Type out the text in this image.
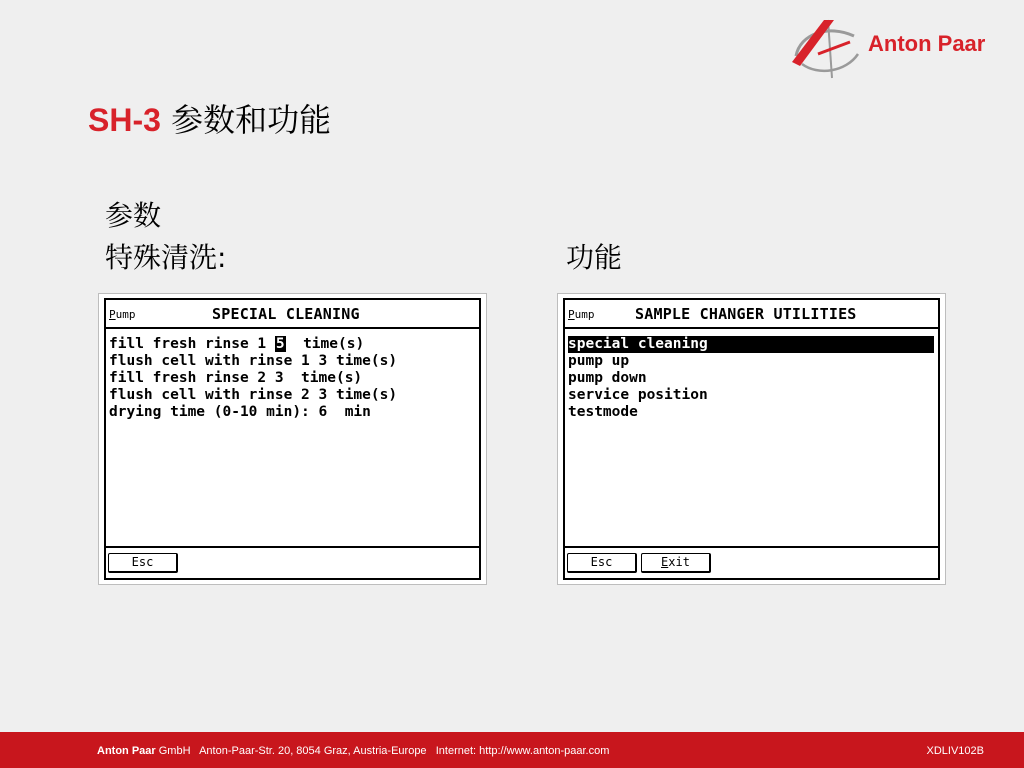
Anton Paar
SH-3 参数和功能
参数
特殊清洗:	功能
Pump	SPECIAL CLEANING
fill fresh rinse 1 5  time(s)
flush cell with rinse 1 3 time(s)
fill fresh rinse 2 3  time(s)
flush cell with rinse 2 3 time(s)
drying time (0-10 min): 6  min
Esc
Pump	SAMPLE CHANGER UTILITIES
special cleaning
pump up
pump down
service position
testmode
Esc	Exit
Anton Paar GmbH Anton-Paar-Str. 20, 8054 Graz, Austria-Europe Internet: http://www.anton-paar.com	XDLIV102B
